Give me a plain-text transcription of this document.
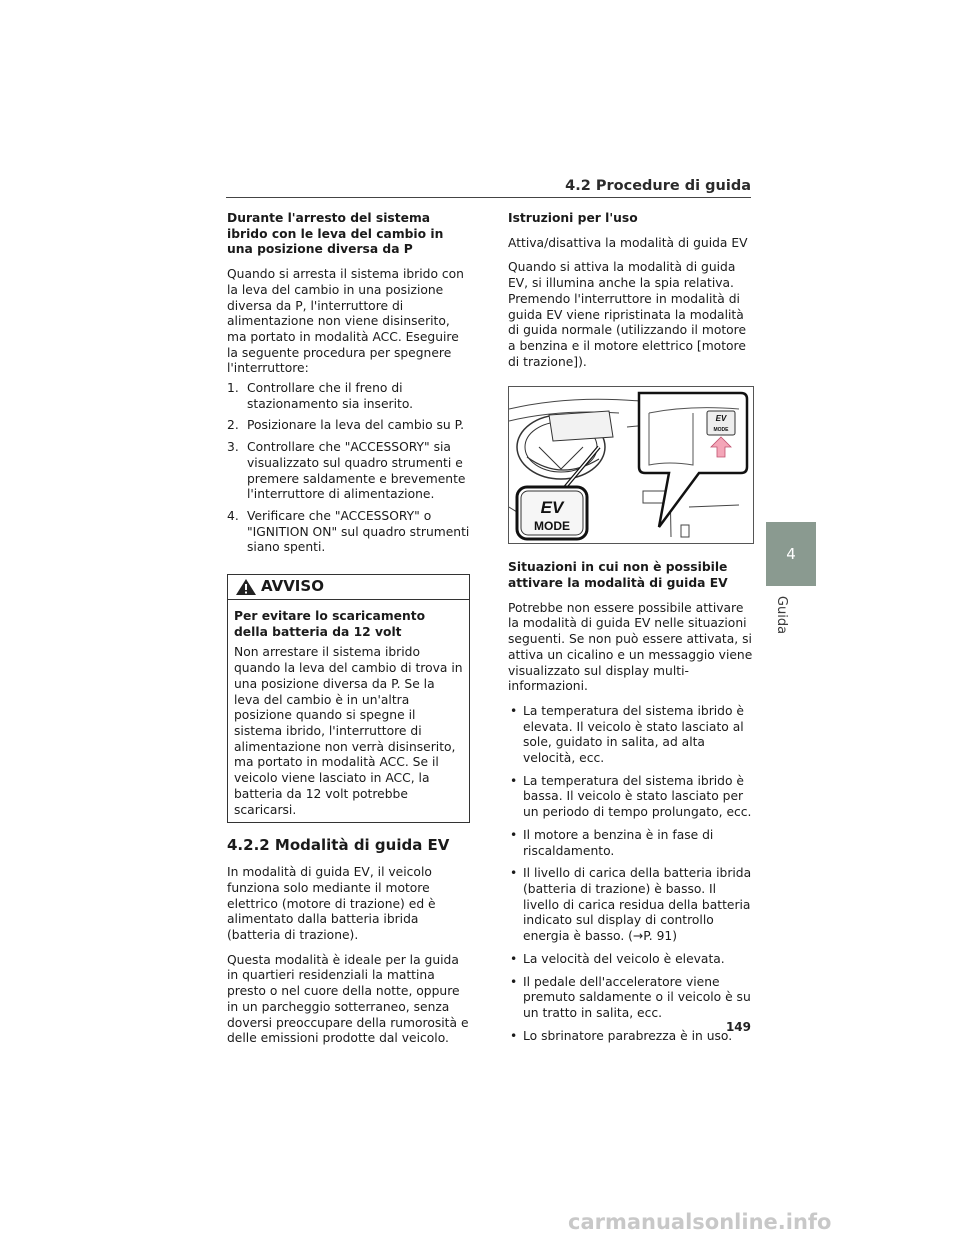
4.2 Procedure di guida

Durante l'arresto del sistema ibrido con le leva del cambio in una posizione diversa da P

Quando si arresta il sistema ibrido con la leva del cambio in una posizione diversa da P, l'interruttore di alimentazione non viene disinserito, ma portato in modalità ACC. Eseguire la seguente procedura per spegnere l'interruttore:

1. Controllare che il freno di stazionamento sia inserito.
2. Posizionare la leva del cambio su P.
3. Controllare che "ACCESSORY" sia visualizzato sul quadro strumenti e premere saldamente e brevemente l'interruttore di alimentazione.
4. Verificare che "ACCESSORY" o "IGNITION ON" sul quadro strumenti siano spenti.
AVVISO

Per evitare lo scaricamento della batteria da 12 volt

Non arrestare il sistema ibrido quando la leva del cambio di trova in una posizione diversa da P. Se la leva del cambio è in un'altra posizione quando si spegne il sistema ibrido, l'interruttore di alimentazione non verrà disinserito, ma portato in modalità ACC. Se il veicolo viene lasciato in ACC, la batteria da 12 volt potrebbe scaricarsi.

4.2.2 Modalità di guida EV

In modalità di guida EV, il veicolo funziona solo mediante il motore elettrico (motore di trazione) ed è alimentato dalla batteria ibrida (batteria di trazione).

Questa modalità è ideale per la guida in quartieri residenziali la mattina presto o nel cuore della notte, oppure in un parcheggio sotterraneo, senza doversi preoccupare della rumorosità e delle emissioni prodotte dal veicolo.

Istruzioni per l'uso

Attiva/disattiva la modalità di guida EV

Quando si attiva la modalità di guida EV, si illumina anche la spia relativa. Premendo l'interruttore in modalità di guida EV viene ripristinata la modalità di guida normale (utilizzando il motore a benzina e il motore elettrico [motore di trazione]).

EV
MODE
EV
MODE

Situazioni in cui non è possibile attivare la modalità di guida EV

Potrebbe non essere possibile attivare la modalità di guida EV nelle situazioni seguenti. Se non può essere attivata, si attiva un cicalino e un messaggio viene visualizzato sul display multi-informazioni.

• La temperatura del sistema ibrido è elevata. Il veicolo è stato lasciato al sole, guidato in salita, ad alta velocità, ecc.
• La temperatura del sistema ibrido è bassa. Il veicolo è stato lasciato per un periodo di tempo prolungato, ecc.
• Il motore a benzina è in fase di riscaldamento.
• Il livello di carica della batteria ibrida (batteria di trazione) è basso. Il livello di carica residua della batteria indicato sul display di controllo energia è basso. (→P. 91)
• La velocità del veicolo è elevata.
• Il pedale dell'acceleratore viene premuto saldamente o il veicolo è su un tratto in salita, ecc.
• Lo sbrinatore parabrezza è in uso.
4
Guida
149
carmanualsonline.info
